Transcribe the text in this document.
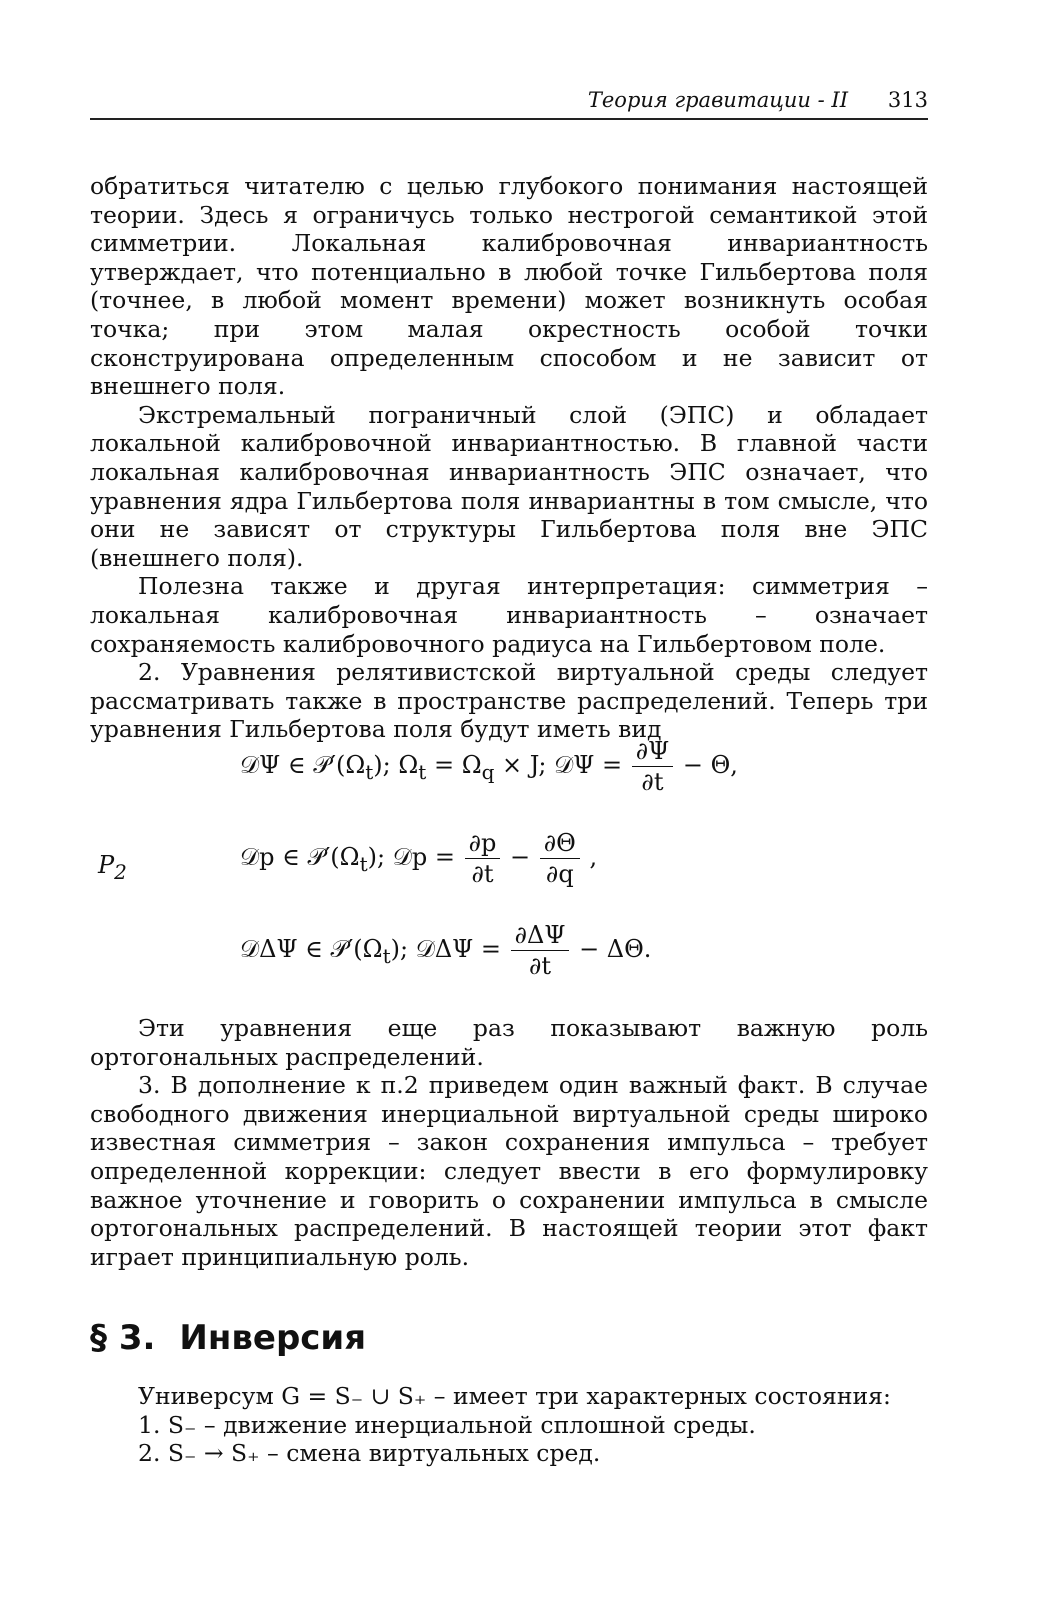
Теория гравитации - II 313

обратиться читателю с целью глубокого понимания настоящей теории. Здесь я ограничусь только нестрогой семантикой этой симметрии. Локальная калибровочная инвариантность утверждает, что потенциально в любой точке Гильбертова поля (точнее, в любой момент времени) может возникнуть особая точка; при этом малая окрестность особой точки сконструирована определенным способом и не зависит от внешнего поля.

Экстремальный пограничный слой (ЭПС) и обладает локальной калибровочной инвариантностью. В главной части локальная калибровочная инвариантность ЭПС означает, что уравнения ядра Гильбертова поля инвариантны в том смысле, что они не зависят от структуры Гильбертова поля вне ЭПС (внешнего поля).

Полезна также и другая интерпретация: симметрия – локальная калибровочная инвариантность – означает сохраняемость калибровочного радиуса на Гильбертовом поле.

2. Уравнения релятивистской виртуальной среды следует рассматривать также в пространстве распределений. Теперь три уравнения Гильбертова поля будут иметь вид

$P_2$
𝒟Ψ ∈ $𝒫'(\Omega_t)$; $\Omega_t = \Omega_q \times J$; 𝒟Ψ = $\frac{\partial\Psi}{\partial t} - \Theta$,
𝒟p ∈ $𝒫'(\Omega_t)$; 𝒟p = $\frac{\partial p}{\partial t} - \frac{\partial\Theta}{\partial q}$ ,
𝒟ΔΨ ∈ $𝒫'(\Omega_t)$; 𝒟ΔΨ = $\frac{\partial\Delta\Psi}{\partial t} - \Delta\Theta$.

Эти уравнения еще раз показывают важную роль ортогональных распределений.

3. В дополнение к п.2 приведем один важный факт. В случае свободного движения инерциальной виртуальной среды широко известная симметрия – закон сохранения импульса – требует определенной коррекции: следует ввести в его формулировку важное уточнение и говорить о сохранении импульса в смысле ортогональных распределений. В настоящей теории этот факт играет принципиальную роль.

§ 3. Инверсия

Универсум G = S₋ ∪ S₊ – имеет три характерных состояния:

1. S₋ – движение инерциальной сплошной среды.

2. S₋ → S₊ – смена виртуальных сред.
